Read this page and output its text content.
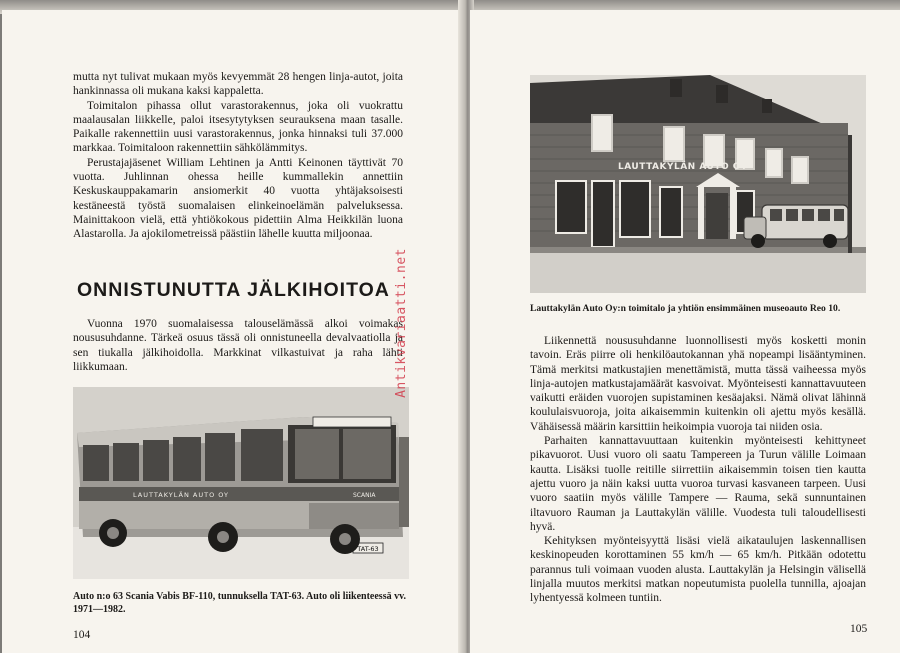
mutta nyt tulivat mukaan myös kevyemmät 28 hengen linja-autot, joita hankinnassa oli mukana kaksi kappaletta.

Toimitalon pihassa ollut varastorakennus, joka oli vuokrattu maalausalan liikkelle, paloi itsesytytyksen seurauksena maan tasalle. Paikalle rakennettiin uusi varastorakennus, jonka hinnaksi tuli 37.000 markkaa. Toimitaloon rakennettiin sähkölämmitys.

Perustajajäsenet William Lehtinen ja Antti Keinonen täyttivät 70 vuotta. Juhlinnan ohessa heille kummallekin annettiin Keskuskauppakamarin ansiomerkit 40 vuotta yhtäjaksoisesti kestäneestä työstä suomalaisen elinkeinoelämän palveluksessa. Mainittakoon vielä, että yhtiökokous pidettiin Alma Heikkilän luona Alastarolla. Ja ajokilometreissä päästiin lähelle kuutta miljoonaa.

ONNISTUNUTTA JÄLKIHOITOA

Vuonna 1970 suomalaisessa talouselämässä alkoi voimakas noususuhdanne. Tärkeä osuus tässä oli onnistuneella devalvaatiolla ja sen tiukalla jälkihoidolla. Markkinat vilkastuivat ja raha lähti liikkumaan.

LAUTTAKYLÄN AUTO OY	SCANIA
TAT-63

Auto n:o 63 Scania Vabis BF-110, tunnuksella TAT-63. Auto oli liikenteessä vv. 1971—1982.

104
Antikvariaatti.net
LAUTTAKYLÄN AUTO OY

Lauttakylän Auto Oy:n toimitalo ja yhtiön ensimmäinen museoauto Reo 10.

Liikennettä noususuhdanne luonnollisesti myös kosketti monin tavoin. Eräs piirre oli henkilöautokannan yhä nopeampi lisääntyminen. Tämä merkitsi matkustajien menettämistä, mutta tässä vaiheessa myös linja-autojen matkustajamäärät kasvoivat. Myönteisesti kannattavuuteen vaikutti eräiden vuorojen supistaminen kesäajaksi. Nämä olivat lähinnä koululaisvuoroja, joita aikaisemmin kuitenkin oli ajettu myös kesällä. Vähäisessä määrin karsittiin heikoimpia vuoroja tai niiden osia.

Parhaiten kannattavuuttaan kuitenkin myönteisesti kehittyneet pikavuorot. Uusi vuoro oli saatu Tampereen ja Turun välille Loimaan kautta. Lisäksi tuolle reitille siirrettiin aikaisemmin toisen tien kautta ajettu vuoro ja näin kaksi uutta vuoroa turvasi kasvaneen tarpeen. Uusi vuoro saatiin myös välille Tampere — Rauma, sekä sunnuntainen iltavuoro Rauman ja Lauttakylän välille. Vuodesta tuli taloudellisesti hyvä.

Kehityksen myönteisyyttä lisäsi vielä aikataulujen laskennallisen keskinopeuden korottaminen 55 km/h — 65 km/h. Pitkään odotettu parannus tuli voimaan vuoden alusta. Lauttakylän ja Helsingin välisellä linjalla muutos merkitsi matkan nopeutumista puolella tunnilla, ajoajan lyhentyessä kolmeen tuntiin.

105
